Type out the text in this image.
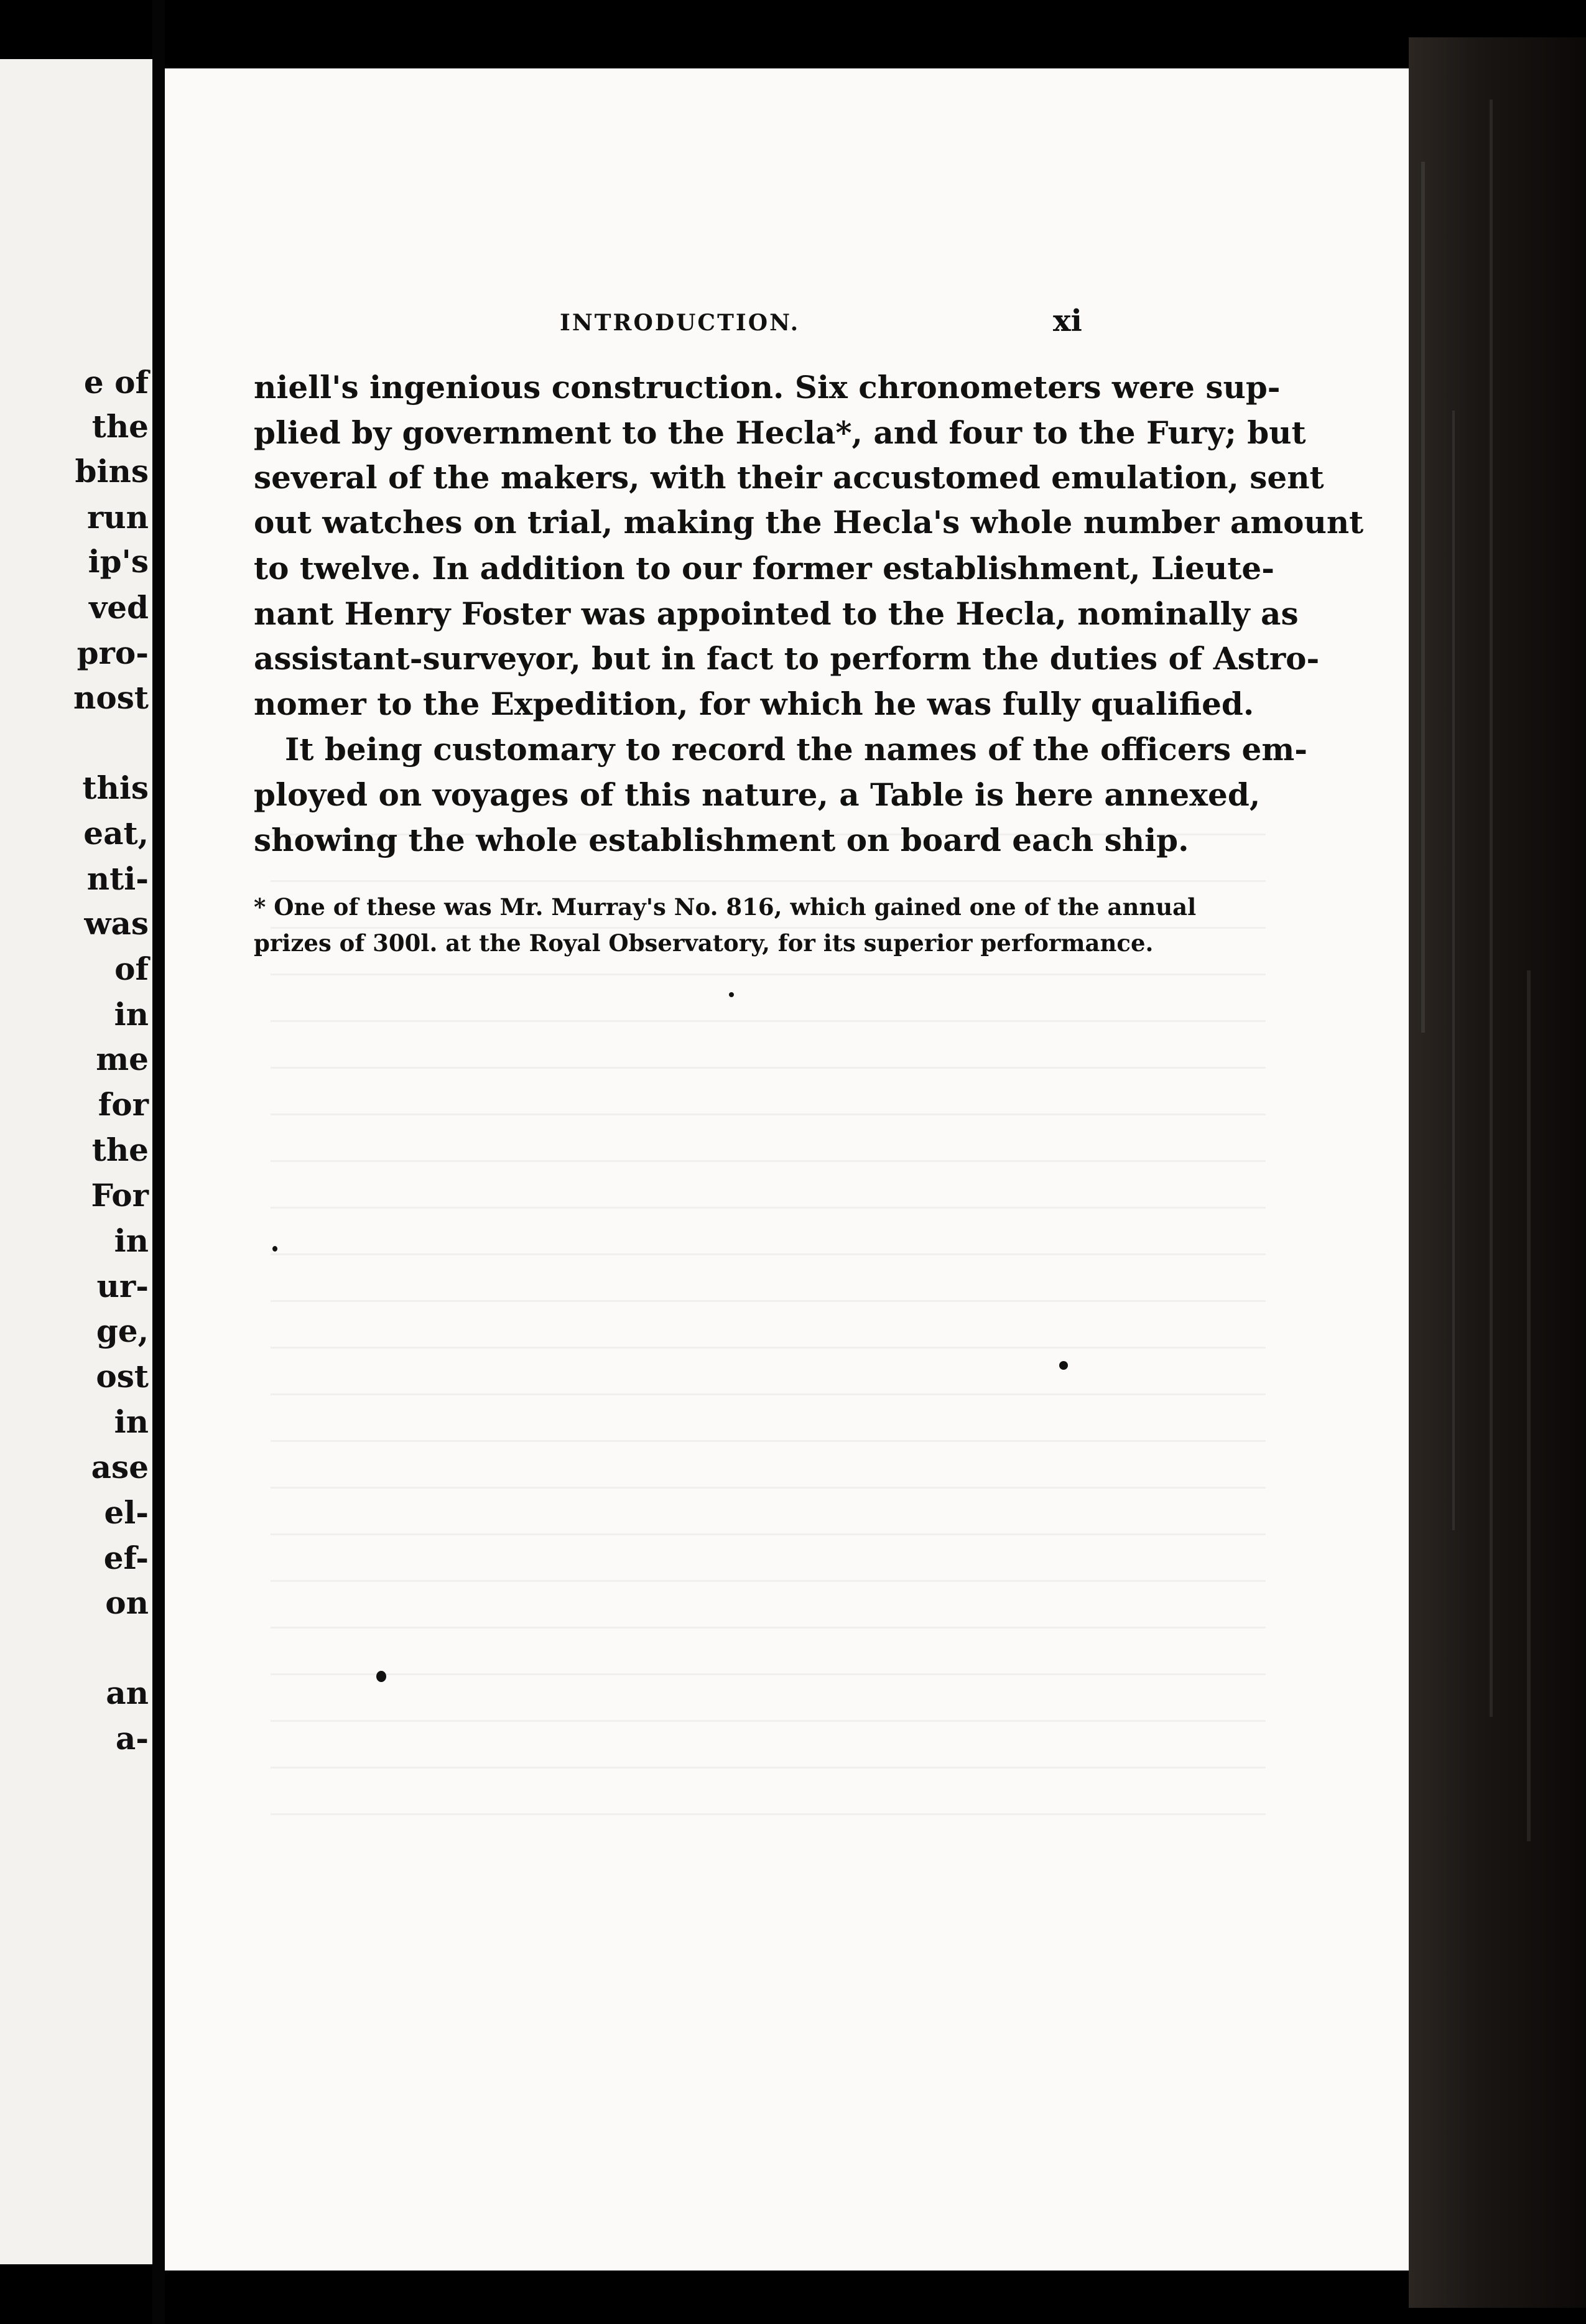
e of
the
bins
run
ip's
ved
pro-
nost
this
eat,
nti-
was
of
in
me
for
the
For
in
ur-
ge,
ost
in
ase
el-
ef-
on
an
a-
INTRODUCTION.	xi
niell's ingenious construction. Six chronometers were sup-
plied by government to the Hecla*, and four to the Fury; but
several of the makers, with their accustomed emulation, sent
out watches on trial, making the Hecla's whole number amount
to twelve. In addition to our former establishment, Lieute-
nant Henry Foster was appointed to the Hecla, nominally as
assistant-surveyor, but in fact to perform the duties of Astro-
nomer to the Expedition, for which he was fully qualified.
It being customary to record the names of the officers em-
ployed on voyages of this nature, a Table is here annexed,
showing the whole establishment on board each ship.
* One of these was Mr. Murray's No. 816, which gained one of the annual
prizes of 300l. at the Royal Observatory, for its superior performance.
